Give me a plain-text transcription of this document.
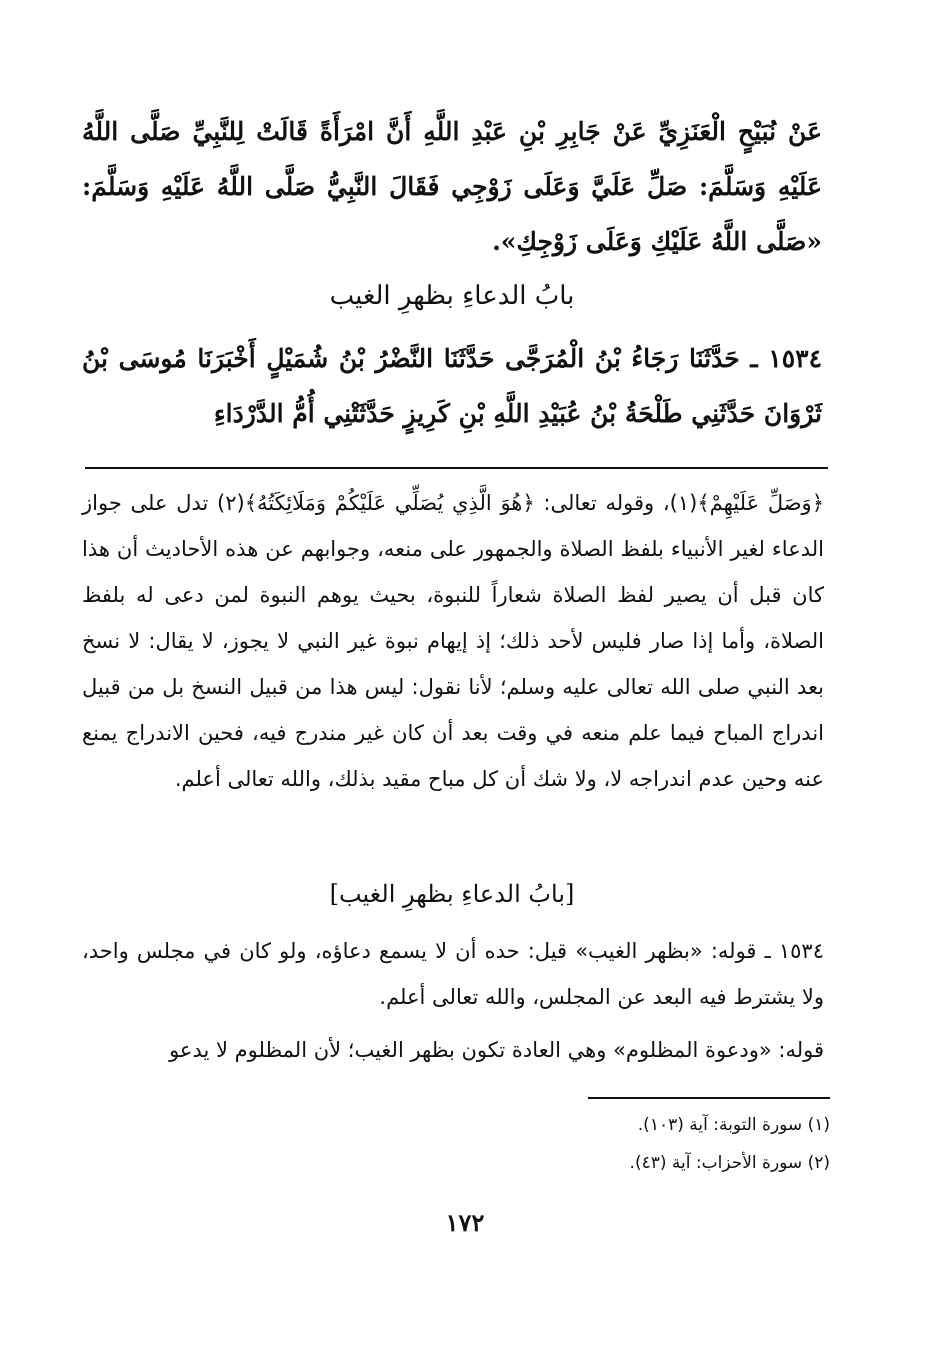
عَنْ نُبَيْحٍ الْعَنَزِيِّ عَنْ جَابِرِ بْنِ عَبْدِ اللَّهِ أَنَّ امْرَأَةً قَالَتْ لِلنَّبِيِّ صَلَّى اللَّهُ عَلَيْهِ وَسَلَّمَ: صَلِّ عَلَيَّ وَعَلَى زَوْجِي فَقَالَ النَّبِيُّ صَلَّى اللَّهُ عَلَيْهِ وَسَلَّمَ: «صَلَّى اللَّهُ عَلَيْكِ وَعَلَى زَوْجِكِ».
بابُ الدعاءِ بظهرِ الغيب
١٥٣٤ ـ حَدَّثَنَا رَجَاءُ بْنُ الْمُرَجَّى حَدَّثَنَا النَّضْرُ بْنُ شُمَيْلٍ أَخْبَرَنَا مُوسَى بْنُ ثَرْوَانَ حَدَّثَنِي طَلْحَةُ بْنُ عُبَيْدِ اللَّهِ بْنِ كَرِيزٍ حَدَّثَتْنِي أُمُّ الدَّرْدَاءِ
﴿وَصَلِّ عَلَيْهِمْ﴾(١)، وقوله تعالى: ﴿هُوَ الَّذِي يُصَلِّي عَلَيْكُمْ وَمَلَائِكَتُهُ﴾(٢) تدل على جواز الدعاء لغير الأنبياء بلفظ الصلاة والجمهور على منعه، وجوابهم عن هذه الأحاديث أن هذا كان قبل أن يصير لفظ الصلاة شعاراً للنبوة، بحيث يوهم النبوة لمن دعى له بلفظ الصلاة، وأما إذا صار فليس لأحد ذلك؛ إذ إيهام نبوة غير النبي لا يجوز، لا يقال: لا نسخ بعد النبي صلى الله تعالى عليه وسلم؛ لأنا نقول: ليس هذا من قبيل النسخ بل من قبيل اندراج المباح فيما علم منعه في وقت بعد أن كان غير مندرج فيه، فحين الاندراج يمنع عنه وحين عدم اندراجه لا، ولا شك أن كل مباح مقيد بذلك، والله تعالى أعلم.
[بابُ الدعاءِ بظهرِ الغيب]
١٥٣٤ ـ قوله: «بظهر الغيب» قيل: حده أن لا يسمع دعاؤه، ولو كان في مجلس واحد، ولا يشترط فيه البعد عن المجلس، والله تعالى أعلم.
قوله: «ودعوة المظلوم» وهي العادة تكون بظهر الغيب؛ لأن المظلوم لا يدعو
(١) سورة التوبة: آية (١٠٣).
(٢) سورة الأحزاب: آية (٤٣).
١٧٢
